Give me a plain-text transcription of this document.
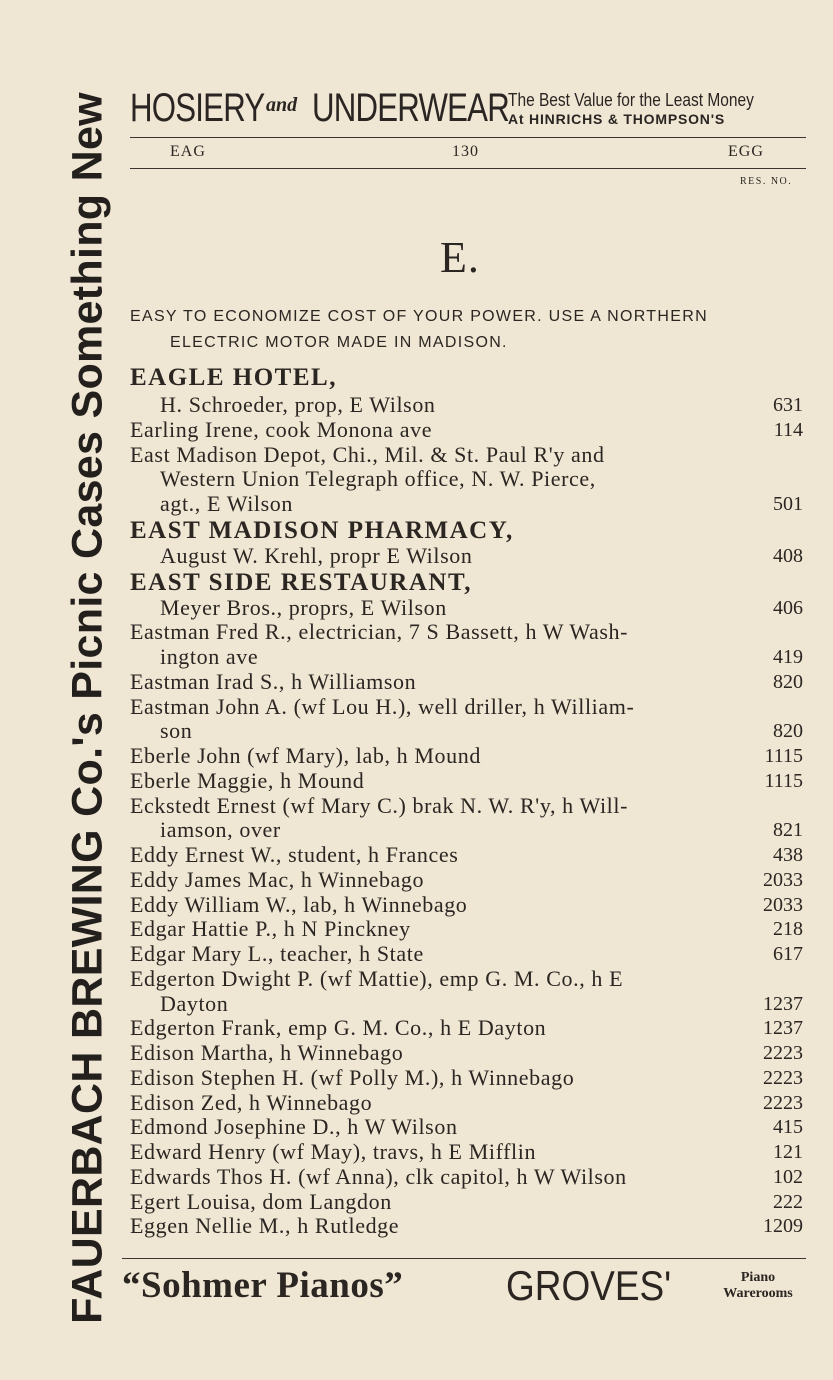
FAUERBACH BREWING Co.'s Picnic Cases Something New HOSIERY and UNDERWEAR The Best Value for the Least Money
At HINRICHS & THOMPSON'S
EAG	130	EGG
RES. NO.
E.
EASY TO ECONOMIZE COST OF YOUR POWER. USE A NORTHERN
ELECTRIC MOTOR MADE IN MADISON.
EAGLE HOTEL,
H. Schroeder, prop, E Wilson	631
Earling Irene, cook Monona ave	114
East Madison Depot, Chi., Mil. & St. Paul R'y and
Western Union Telegraph office, N. W. Pierce,
agt., E Wilson	501
EAST MADISON PHARMACY,
August W. Krehl, propr E Wilson	408
EAST SIDE RESTAURANT,
Meyer Bros., proprs, E Wilson	406
Eastman Fred R., electrician, 7 S Bassett, h W Wash-
ington ave	419
Eastman Irad S., h Williamson	820
Eastman John A. (wf Lou H.), well driller, h William-
son	820
Eberle John (wf Mary), lab, h Mound	1115
Eberle Maggie, h Mound	1115
Eckstedt Ernest (wf Mary C.) brak N. W. R'y, h Will-
iamson, over	821
Eddy Ernest W., student, h Frances	438
Eddy James Mac, h Winnebago	2033
Eddy William W., lab, h Winnebago	2033
Edgar Hattie P., h N Pinckney	218
Edgar Mary L., teacher, h State	617
Edgerton Dwight P. (wf Mattie), emp G. M. Co., h E
Dayton	1237
Edgerton Frank, emp G. M. Co., h E Dayton	1237
Edison Martha, h Winnebago	2223
Edison Stephen H. (wf Polly M.), h Winnebago	2223
Edison Zed, h Winnebago	2223
Edmond Josephine D., h W Wilson	415
Edward Henry (wf May), travs, h E Mifflin	121
Edwards Thos H. (wf Anna), clk capitol, h W Wilson	102
Egert Louisa, dom Langdon	222
Eggen Nellie M., h Rutledge	1209
“Sohmer Pianos” GROVES'	Piano
Warerooms
